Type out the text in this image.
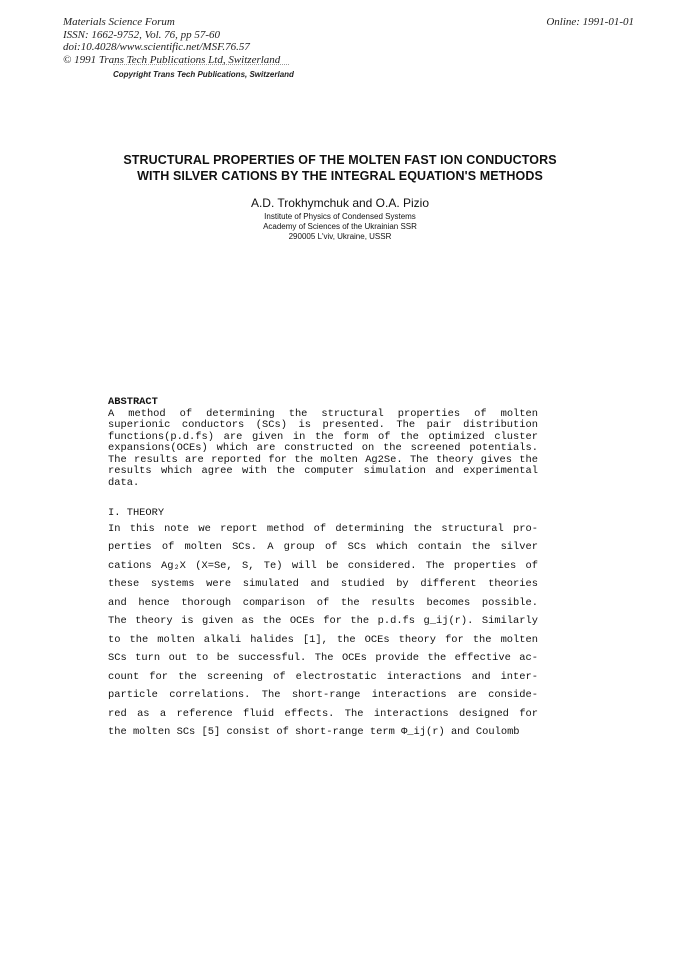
Materials Science Forum
ISSN: 1662-9752, Vol. 76, pp 57-60
doi:10.4028/www.scientific.net/MSF.76.57
© 1991 Trans Tech Publications Ltd, Switzerland
Online: 1991-01-01
Copyright Trans Tech Publications, Switzerland
STRUCTURAL PROPERTIES OF THE MOLTEN FAST ION CONDUCTORS
WITH SILVER CATIONS BY THE INTEGRAL EQUATION'S METHODS
A.D. Trokhymchuk and O.A. Pizio
Institute of Physics of Condensed Systems
Academy of Sciences of the Ukrainian SSR
290005 L'viv, Ukraine, USSR
ABSTRACT
A method of determining the structural properties of molten superionic conductors (SCs) is presented. The pair distribution functions(p.d.fs) are given in the form of the optimized cluster expansions(OCEs) which are constructed on the screened potentials. The results are reported for the molten Ag2Se. The theory gives the results which agree with the computer simulation and experimental data.
I. THEORY
In this note we report method of determining the structural pro-
perties of molten SCs. A group of SCs which contain the silver
cations Ag₂X (X=Se, S, Te) will be considered. The properties of
these systems were simulated and studied by different theories
and hence thorough comparison of the results becomes possible.
The theory is given as the OCEs for the p.d.fs g_ij(r). Similarly
to the molten alkali halides [1], the OCEs theory for the molten
SCs turn out to be successful. The OCEs provide the effective ac-
count for the screening of electrostatic interactions and inter-
particle correlations. The short-range interactions are conside-
red as a reference fluid effects. The interactions designed for
the molten SCs [5] consist of short-range term Φ_ij(r) and Coulomb
